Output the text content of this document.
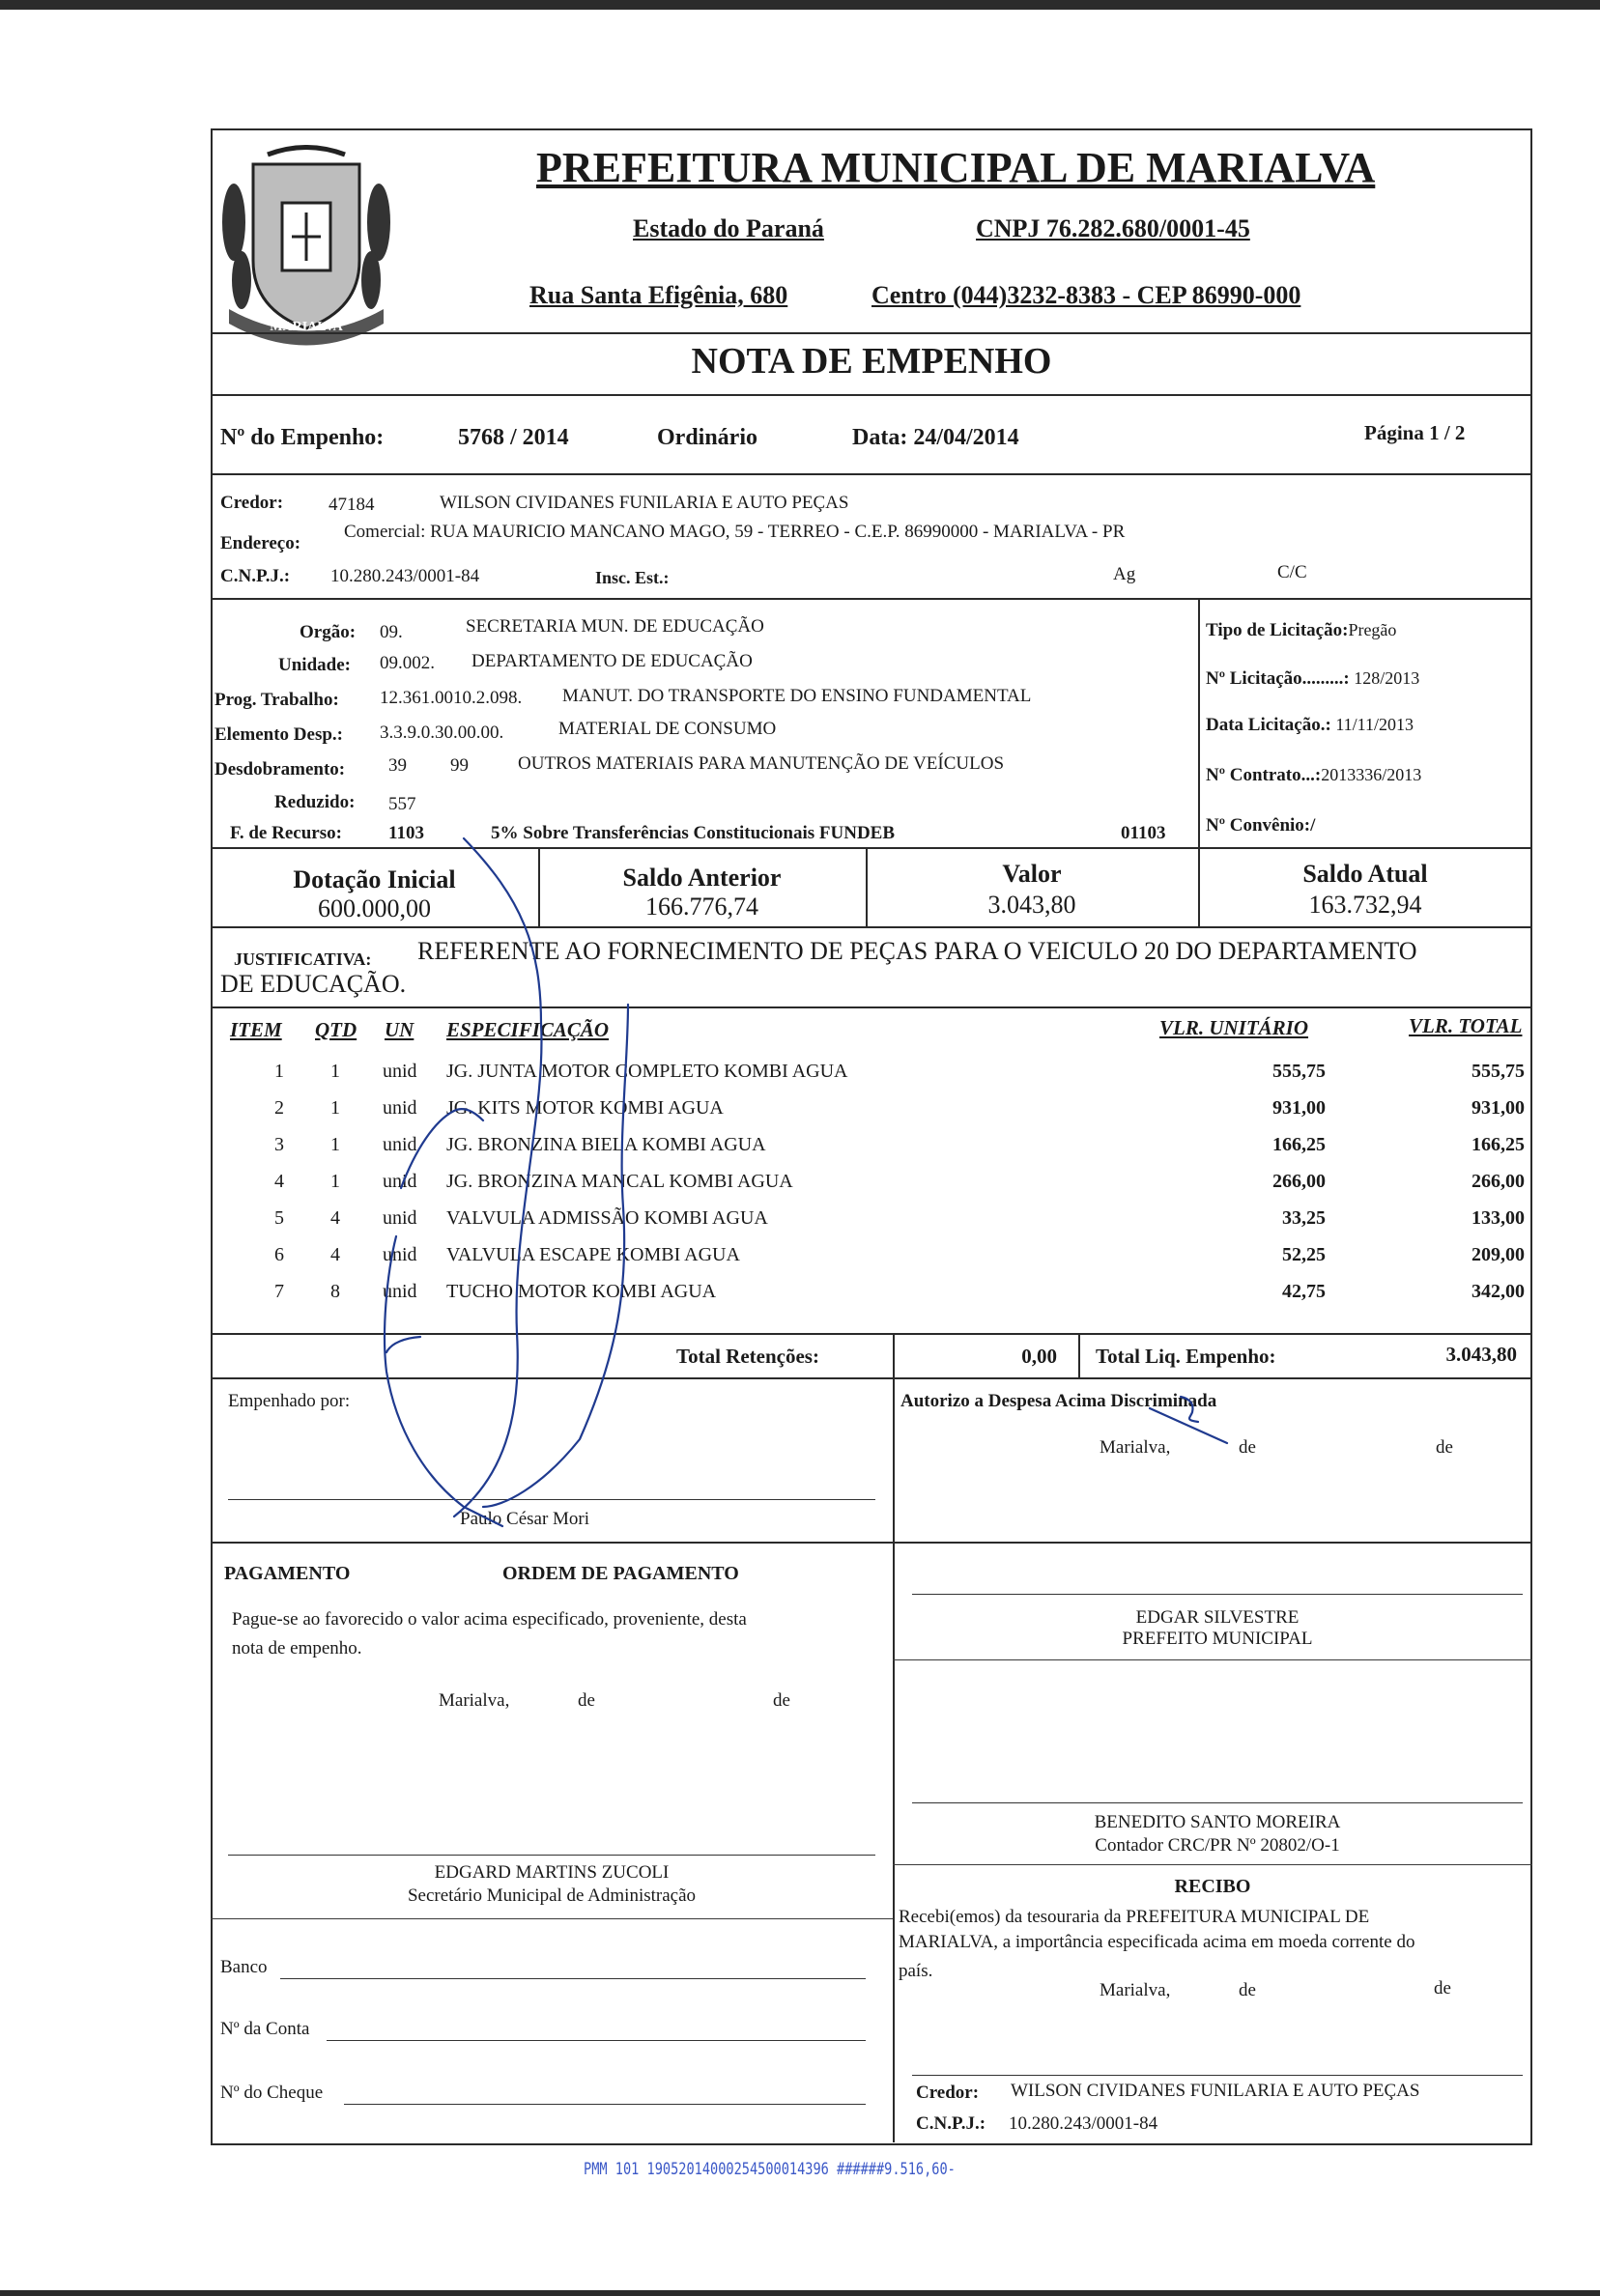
MARIALVA
PREFEITURA MUNICIPAL DE MARIALVA
Estado do Paraná	CNPJ 76.282.680/0001-45
Rua Santa Efigênia, 680	Centro (044)3232-8383 - CEP 86990-000
NOTA DE EMPENHO
Nº do Empenho:	5768 / 2014	Ordinário	Data: 24/04/2014	Página 1 / 2
Credor: 47184	WILSON CIVIDANES FUNILARIA E AUTO PEÇAS
Endereço:
Comercial: RUA MAURICIO MANCANO MAGO, 59 - TERREO - C.E.P. 86990000 - MARIALVA - PR
C.N.P.J.: 10.280.243/0001-84	Insc. Est.:	Ag	C/C
Orgão: 09.	SECRETARIA MUN. DE EDUCAÇÃO
Unidade: 09.002. DEPARTAMENTO DE EDUCAÇÃO
Prog. Trabalho: 12.361.0010.2.098. MANUT. DO TRANSPORTE DO ENSINO FUNDAMENTAL
Elemento Desp.: 3.3.9.0.30.00.00.	MATERIAL DE CONSUMO
Desdobramento: 39 99	OUTROS MATERIAIS PARA MANUTENÇÃO DE VEÍCULOS
Reduzido: 557
F. de Recurso:	1103	5% Sobre Transferências Constitucionais FUNDEB	01103
Tipo de Licitação:Pregão
Nº Licitação.........: 128/2013
Data Licitação.: 11/11/2013
Nº Contrato...:2013336/2013
Nº Convênio:/
Dotação Inicial
600.000,00
Saldo Anterior
166.776,74
Valor
3.043,80
Saldo Atual
163.732,94
JUSTIFICATIVA: REFERENTE AO FORNECIMENTO DE PEÇAS PARA O VEICULO 20 DO DEPARTAMENTO
DE EDUCAÇÃO.
ITEM QTD UN ESPECIFICAÇÃO	VLR. UNITÁRIO	VLR. TOTAL
1 1 unid JG. JUNTA MOTOR COMPLETO KOMBI AGUA	555,75	555,75
2 1 unid JG. KITS MOTOR KOMBI AGUA	931,00	931,00
3 1 unid JG. BRONZINA BIELA KOMBI AGUA	166,25	166,25
4 1 unid JG. BRONZINA MANCAL KOMBI AGUA	266,00	266,00
5 4 unid VALVULA ADMISSÃO KOMBI AGUA	33,25	133,00
6 4 unid VALVULA ESCAPE KOMBI AGUA	52,25	209,00
7 8 unid TUCHO MOTOR KOMBI AGUA	42,75	342,00
Total Retenções:	0,00 Total Liq. Empenho:	3.043,80
Empenhado por:
Paulo César Mori
Autorizo a Despesa Acima Discriminada
Marialva,	de	de
PAGAMENTO	ORDEM DE PAGAMENTO
Pague-se ao favorecido o valor acima especificado, proveniente, desta
nota de empenho.
Marialva,	de	de
EDGAR SILVESTRE
PREFEITO MUNICIPAL
BENEDITO SANTO MOREIRA
Contador CRC/PR Nº 20802/O-1
EDGARD MARTINS ZUCOLI
Secretário Municipal de Administração
Banco
Nº da Conta
Nº do Cheque
RECIBO
Recebi(emos) da tesouraria da PREFEITURA MUNICIPAL DE
MARIALVA, a importância especificada acima em moeda corrente do
país.
Marialva,	de	de
Credor: WILSON CIVIDANES FUNILARIA E AUTO PEÇAS
C.N.P.J.: 10.280.243/0001-84
PMM 101 19052014000254500014396 ######9.516,60-
